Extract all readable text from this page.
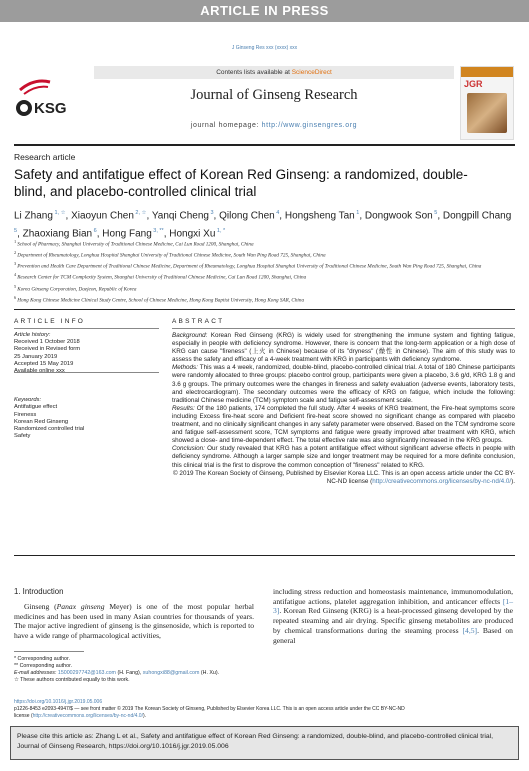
ARTICLE IN PRESS
J Ginseng Res xxx (xxxx) xxx
KSG
Contents lists available at ScienceDirect
Journal of Ginseng Research
journal homepage: http://www.ginsengres.org
JGR
Research article
Safety and antifatigue effect of Korean Red Ginseng: a randomized, double-blind, and placebo-controlled clinical trial
Li Zhang $^{1, ☆}$, Xiaoyun Chen $^{2, ☆}$, Yanqi Cheng $^3$, Qilong Chen $^4$, Hongsheng Tan $^1$, Dongwook Son $^5$, Dongpill Chang $^5$, Zhaoxiang Bian $^6$, Hong Fang $^{3, **}$, Hongxi Xu $^{1, *}$
$^1$ School of Pharmacy, Shanghai University of Traditional Chinese Medicine, Cai Lun Road 1200, Shanghai, China
$^2$ Department of Rheumatology, Longhua Hospital Shanghai University of Traditional Chinese Medicine, South Wan Ping Road 725, Shanghai, China
$^3$ Prevention and Health Care Department of Traditional Chinese Medicine, Department of Rheumatology, Longhua Hospital Shanghai University of Traditional Chinese Medicine, South Wan Ping Road 725, Shanghai, China
$^4$ Research Center for TCM Complexity System, Shanghai University of Traditional Chinese Medicine, Cai Lun Road 1200, Shanghai, China
$^5$ Korea Ginseng Corporation, Daejeon, Republic of Korea
$^6$ Hong Kong Chinese Medicine Clinical Study Centre, School of Chinese Medicine, Hong Kong Baptist University, Hong Kong SAR, China
ARTICLE INFO	ABSTRACT
Article history:
Received 1 October 2018
Received in Revised form
25 January 2019
Accepted 15 May 2019
Keywords:
Antifatigue effect
Fireness
Korean Red Ginseng
Randomized controlled trial
Safety

Background: Korean Red Ginseng (KRG) is widely used for strengthening the immune system and fighting fatigue, especially in people with deficiency syndrome. However, there is concern that the long-term application or a high dose of KRG can cause "fireness" (上火 in Chinese) because of its "dryness" (燥性 in Chinese). The aim of this study was to assess the safety and efficacy of a 4-week treatment with KRG in participants with deficiency syndrome.

Methods: This was a 4 week, randomized, double-blind, placebo-controlled clinical trial. A total of 180 Chinese participants were randomly allocated to three groups: placebo control group, participants were given a placebo, 3.6 g/d, KRG 1.8 g and 3.6 g groups. The primary outcomes were the changes in fireness and safety evaluation (adverse events, laboratory tests, and electrocardiogram). The secondary outcomes were the efficacy of KRG on fatigue, which include the following: traditional Chinese medicine (TCM) symptom scale and fatigue self-assessment scale.

Results: Of the 180 patients, 174 completed the full study. After 4 weeks of KRG treatment, the Fire-heat symptoms score including Excess fire-heat score and Deficient fire-heat score showed no significant change as compared with placebo treatment, and no clinically significant changes in any safety parameter were observed. Based on the TCM syndrome score and fatigue self-assessment score, TCM symptoms and fatigue were greatly improved after treatment with KRG, which showed a close- and time-dependent effect. The total effective rate was also significantly increased in the KRG groups.

Conclusion: Our study revealed that KRG has a potent antifatigue effect without significant adverse effects in people with deficiency syndrome. Although a larger sample size and longer treatment may be required for a more definite conclusion, this clinical trial is the first to disprove the common conception of "fireness" related to KRG.

© 2019 The Korean Society of Ginseng, Published by Elsevier Korea LLC. This is an open access article under the CC BY-NC-ND license (http://creativecommons.org/licenses/by-nc-nd/4.0/).

1. Introduction
Ginseng (Panax ginseng Meyer) is one of the most popular herbal medicines and has been used in many Asian countries for thousands of years. The major active ingredient of ginseng is the ginsenoside, which is reported to have a wide range of pharmacological activities,
including stress reduction and homeostasis maintenance, immunomodulation, antifatigue actions, platelet aggregation inhibition, and anticancer effects [1–3]. Korean Red Ginseng (KRG) is a heat-processed ginseng developed by the repeated steaming and air drying. Specific ginseng metabolites are produced by chemical transformations during the steaming process [4,5]. Based on general
* Corresponding author.
** Corresponding author.
E-mail addresses: 15000297742@163.com (H. Fang), xuhongxi88@gmail.com (H. Xu).
☆ These authors contributed equally to this work.
https://doi.org/10.1016/j.jgr.2019.05.006
p1226-8453 e2093-4947/$ — see front matter © 2019 The Korean Society of Ginseng, Published by Elsevier Korea LLC. This is an open access article under the CC BY-NC-ND
license (http://creativecommons.org/licenses/by-nc-nd/4.0/).
Please cite this article as: Zhang L et al., Safety and antifatigue effect of Korean Red Ginseng: a randomized, double-blind, and placebo-controlled clinical trial, Journal of Ginseng Research, https://doi.org/10.1016/j.jgr.2019.05.006
